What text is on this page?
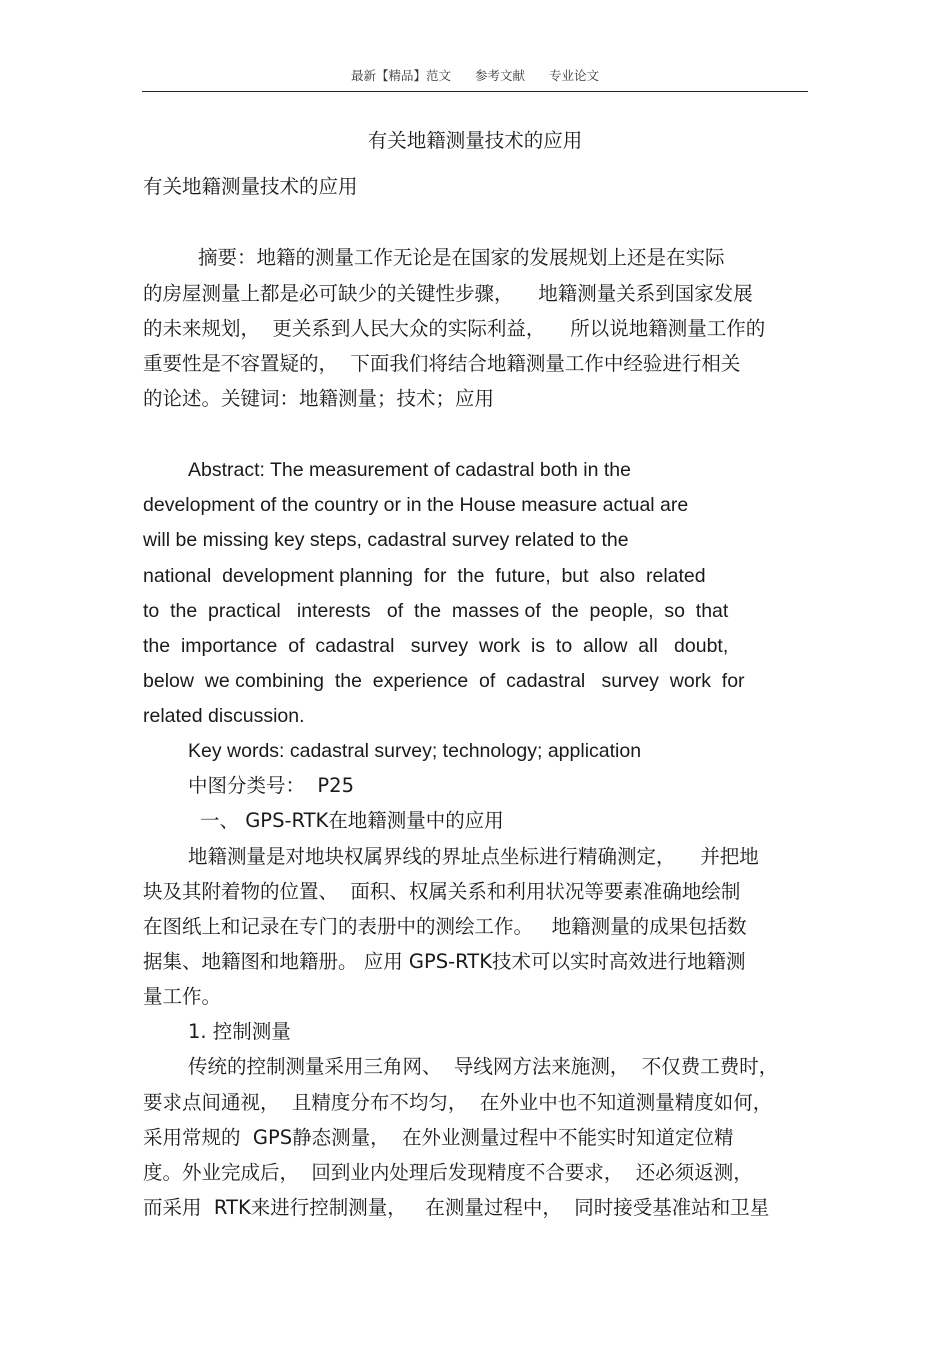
最新【精品】范文 参考文献 专业论文
有关地籍测量技术的应用
有关地籍测量技术的应用
摘要：地籍的测量工作无论是在国家的发展规划上还是在实际
的房屋测量上都是必可缺少的关键性步骤，    地籍测量关系到国家发展
的未来规划，  更关系到人民大众的实际利益，    所以说地籍测量工作的
重要性是不容置疑的，  下面我们将结合地籍测量工作中经验进行相关
的论述。关键词：地籍测量；技术；应用
Abstract: The measurement of cadastral both in the
development of the country or in the House measure actual are
will be missing key steps, cadastral survey related to the
national  development planning  for  the  future,  but  also  related
to  the  practical   interests   of  the  masses of  the  people,  so  that
the  importance  of  cadastral   survey  work  is  to  allow  all   doubt,
below  we combining  the  experience  of  cadastral   survey  work  for
related discussion.
Key words: cadastral survey; technology; application
中图分类号：  P25
一、 GPS-RTK在地籍测量中的应用
地籍测量是对地块权属界线的界址点坐标进行精确测定，    并把地
块及其附着物的位置、  面积、权属关系和利用状况等要素准确地绘制
在图纸上和记录在专门的表册中的测绘工作。   地籍测量的成果包括数
据集、地籍图和地籍册。 应用 GPS-RTK技术可以实时高效进行地籍测
量工作。
1. 控制测量
传统的控制测量采用三角网、  导线网方法来施测，  不仅费工费时，
要求点间通视，  且精度分布不均匀，  在外业中也不知道测量精度如何，
采用常规的  GPS静态测量，  在外业测量过程中不能实时知道定位精
度。外业完成后，  回到业内处理后发现精度不合要求，  还必须返测，
而采用  RTK来进行控制测量，   在测量过程中，  同时接受基准站和卫星
